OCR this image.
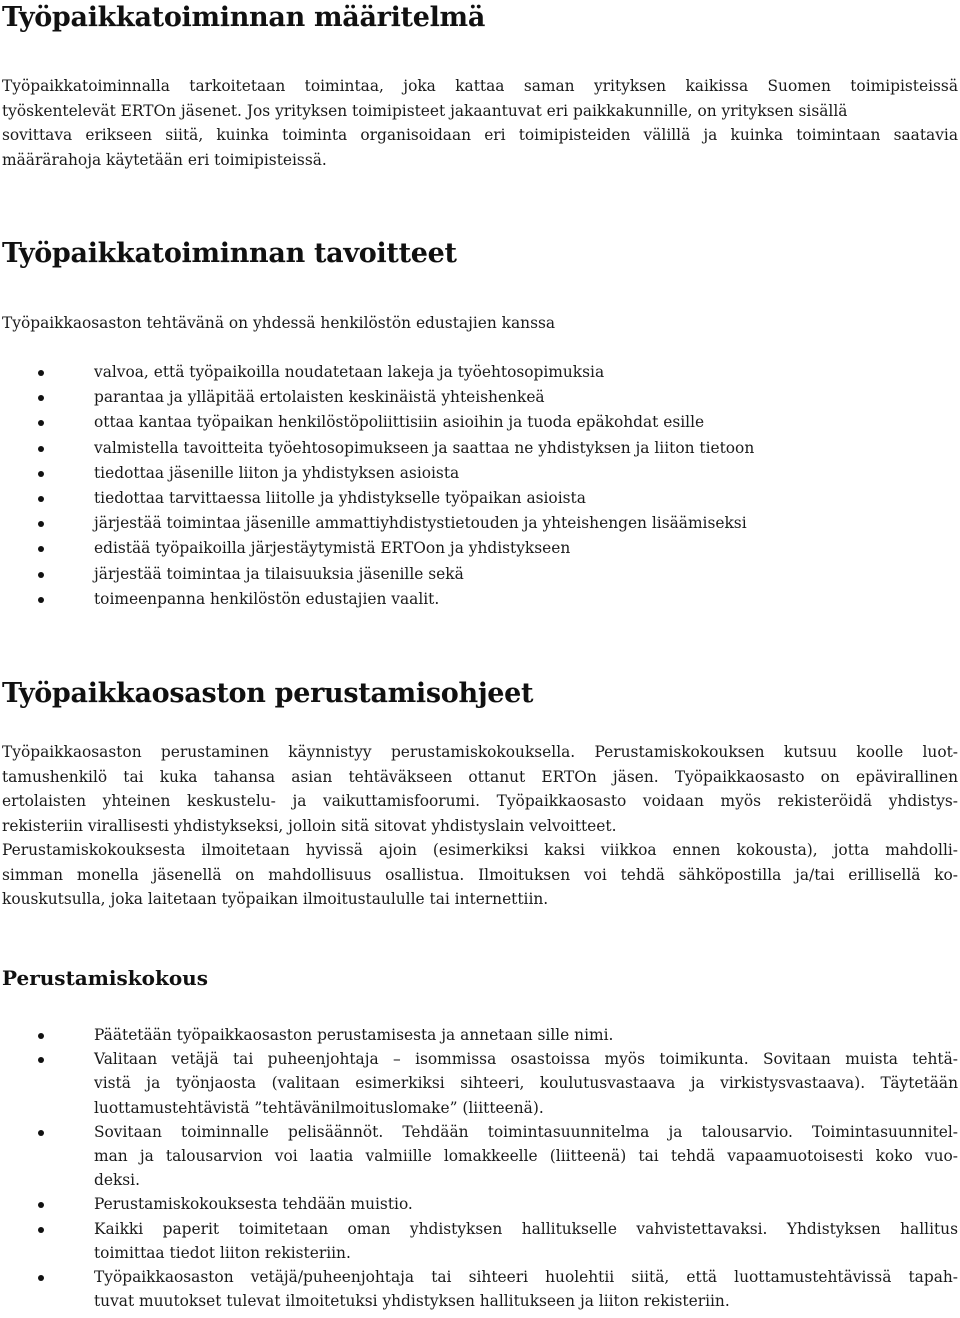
Työpaikkatoiminnan määritelmä
Työpaikkatoiminnalla tarkoitetaan toimintaa, joka kattaa saman yrityksen kaikissa Suomen toimipisteissä
työskentelevät ERTOn jäsenet. Jos yrityksen toimipisteet jakaantuvat eri paikkakunnille, on yrityksen sisällä
sovittava erikseen siitä, kuinka toiminta organisoidaan eri toimipisteiden välillä ja kuinka toimintaan saatavia
määrärahoja käytetään eri toimipisteissä.
Työpaikkatoiminnan tavoitteet
Työpaikkaosaston tehtävänä on yhdessä henkilöstön edustajien kanssa
valvoa, että työpaikoilla noudatetaan lakeja ja työehtosopimuksia
parantaa ja ylläpitää ertolaisten keskinäistä yhteishenkeä
ottaa kantaa työpaikan henkilöstöpoliittisiin asioihin ja tuoda epäkohdat esille
valmistella tavoitteita työehtosopimukseen ja saattaa ne yhdistyksen ja liiton tietoon
tiedottaa jäsenille liiton ja yhdistyksen asioista
tiedottaa tarvittaessa liitolle ja yhdistykselle työpaikan asioista
järjestää toimintaa jäsenille ammattiyhdistystietouden ja yhteishengen lisäämiseksi
edistää työpaikoilla järjestäytymistä ERTOon ja yhdistykseen
järjestää toimintaa ja tilaisuuksia jäsenille sekä
toimeenpanna henkilöstön edustajien vaalit.
Työpaikkaosaston perustamisohjeet
Työpaikkaosaston perustaminen käynnistyy perustamiskokouksella. Perustamiskokouksen kutsuu koolle luot-
tamushenkilö tai kuka tahansa asian tehtäväkseen ottanut ERTOn jäsen. Työpaikkaosasto on epävirallinen
ertolaisten yhteinen keskustelu- ja vaikuttamisfoorumi. Työpaikkaosasto voidaan myös rekisteröidä yhdistys-
rekisteriin virallisesti yhdistykseksi, jolloin sitä sitovat yhdistyslain velvoitteet.
Perustamiskokouksesta ilmoitetaan hyvissä ajoin (esimerkiksi kaksi viikkoa ennen kokousta), jotta mahdolli-
simman monella jäsenellä on mahdollisuus osallistua. Ilmoituksen voi tehdä sähköpostilla ja/tai erillisellä ko-
kouskutsulla, joka laitetaan työpaikan ilmoitustaululle tai internettiin.
Perustamiskokous
Päätetään työpaikkaosaston perustamisesta ja annetaan sille nimi.
Valitaan vetäjä tai puheenjohtaja – isommissa osastoissa myös toimikunta. Sovitaan muista tehtä-
vistä ja työnjaosta (valitaan esimerkiksi sihteeri, koulutusvastaava ja virkistysvastaava). Täytetään
luottamustehtävistä ”tehtävänilmoituslomake” (liitteenä).
Sovitaan toiminnalle pelisäännöt. Tehdään toimintasuunnitelma ja talousarvio. Toimintasuunnitel-
man ja talousarvion voi laatia valmiille lomakkeelle (liitteenä) tai tehdä vapaamuotoisesti koko vuo-
deksi.
Perustamiskokouksesta tehdään muistio.
Kaikki paperit toimitetaan oman yhdistyksen hallitukselle vahvistettavaksi. Yhdistyksen hallitus
toimittaa tiedot liiton rekisteriin.
Työpaikkaosaston vetäjä/puheenjohtaja tai sihteeri huolehtii siitä, että luottamustehtävissä tapah-
tuvat muutokset tulevat ilmoitetuksi yhdistyksen hallitukseen ja liiton rekisteriin.
